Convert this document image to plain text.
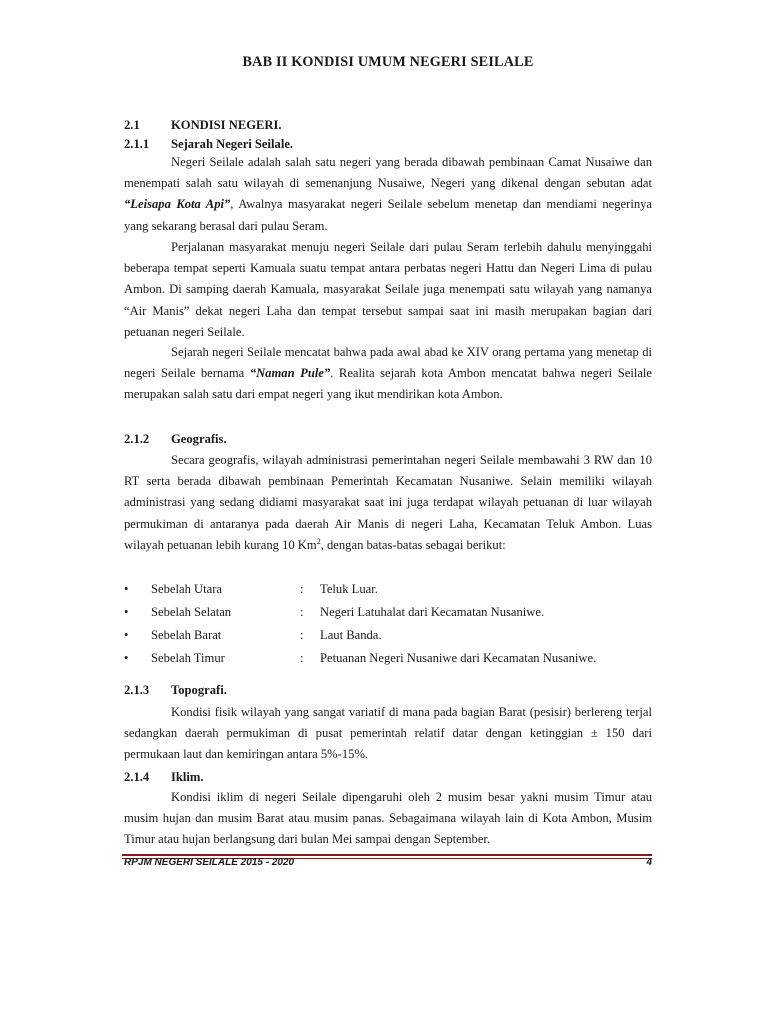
BAB II KONDISI UMUM NEGERI SEILALE
2.1 KONDISI NEGERI.
2.1.1 Sejarah Negeri Seilale.

Negeri Seilale adalah salah satu negeri yang berada dibawah pembinaan Camat Nusaiwe dan menempati salah satu wilayah di semenanjung Nusaiwe, Negeri yang dikenal dengan sebutan adat “Leisapa Kota Api”, Awalnya masyarakat negeri Seilale sebelum menetap dan mendiami negerinya yang sekarang berasal dari pulau Seram.

Perjalanan masyarakat menuju negeri Seilale dari pulau Seram terlebih dahulu menyinggahi beberapa tempat seperti Kamuala suatu tempat antara perbatas negeri Hattu dan Negeri Lima di pulau Ambon. Di samping daerah Kamuala, masyarakat Seilale juga menempati satu wilayah yang namanya “Air Manis” dekat negeri Laha dan tempat tersebut sampai saat ini masih merupakan bagian dari petuanan negeri Seilale.

Sejarah negeri Seilale mencatat bahwa pada awal abad ke XIV orang pertama yang menetap di negeri Seilale bernama “Naman Pule”. Realita sejarah kota Ambon mencatat bahwa negeri Seilale merupakan salah satu dari empat negeri yang ikut mendirikan kota Ambon.

2.1.2 Geografis.

Secara geografis, wilayah administrasi pemerintahan negeri Seilale membawahi 3 RW dan 10 RT serta berada dibawah pembinaan Pemerintah Kecamatan Nusaniwe. Selain memiliki wilayah administrasi yang sedang didiami masyarakat saat ini juga terdapat wilayah petuanan di luar wilayah permukiman di antaranya pada daerah Air Manis di negeri Laha, Kecamatan Teluk Ambon. Luas wilayah petuanan lebih kurang 10 Km$^2$, dengan batas-batas sebagai berikut:

• Sebelah Utara	: Teluk Luar.
• Sebelah Selatan	: Negeri Latuhalat dari Kecamatan Nusaniwe.
• Sebelah Barat	: Laut Banda.
• Sebelah Timur	: Petuanan Negeri Nusaniwe dari Kecamatan Nusaniwe.
2.1.3 Topografi.

Kondisi fisik wilayah yang sangat variatif di mana pada bagian Barat (pesisir) berlereng terjal sedangkan daerah permukiman di pusat pemerintah relatif datar dengan ketinggian ± 150 dari permukaan laut dan kemiringan antara 5%-15%.

2.1.4 Iklim.

Kondisi iklim di negeri Seilale dipengaruhi oleh 2 musim besar yakni musim Timur atau musim hujan dan musim Barat atau musim panas. Sebagaimana wilayah lain di Kota Ambon, Musim Timur atau hujan berlangsung dari bulan Mei sampai dengan September.

RPJM NEGERI SEILALE 2015 - 2020	4
